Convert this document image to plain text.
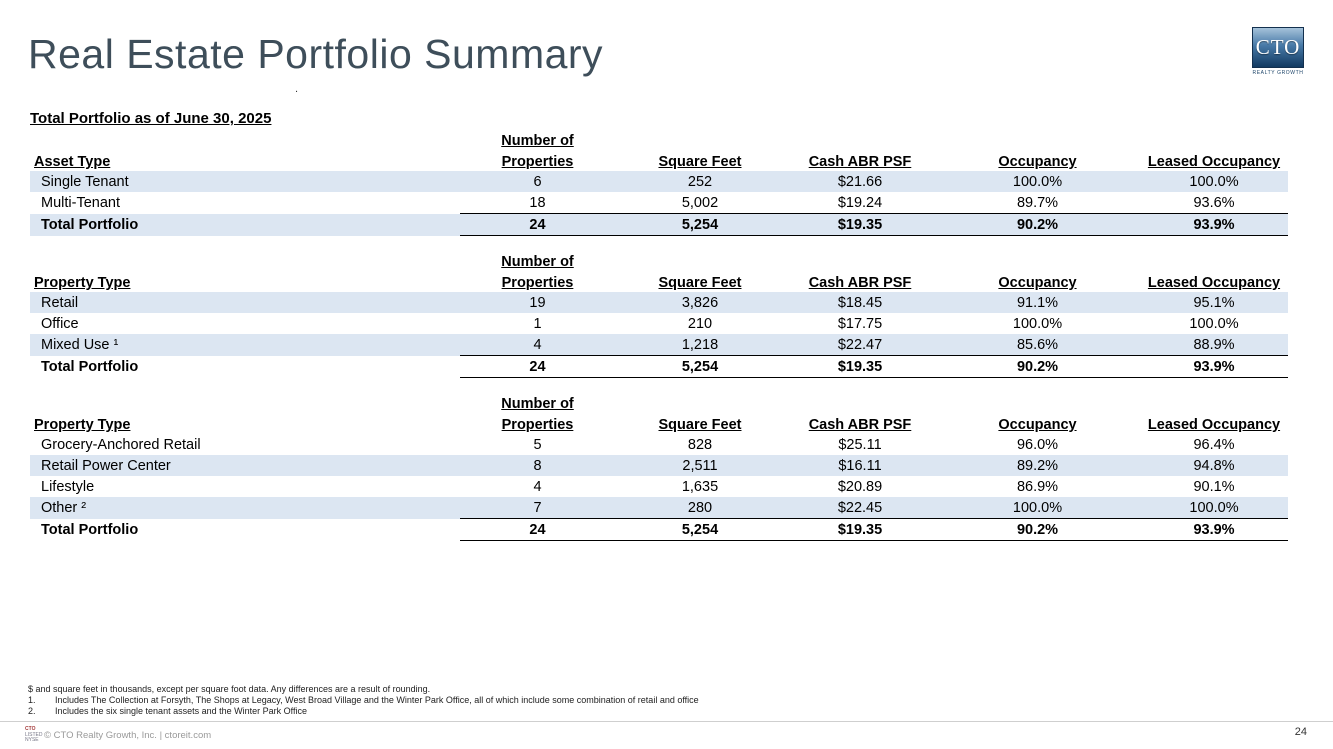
Real Estate Portfolio Summary	CTO
REALTY GROWTH
.
Total Portfolio as of June 30, 2025
	Number of				
Asset Type	Properties	Square Feet	Cash ABR PSF	Occupancy	Leased Occupancy
Single Tenant	6	252	$21.66	100.0%	100.0%
Multi-Tenant	18	5,002	$19.24	89.7%	93.6%
Total Portfolio	24	5,254	$19.35	90.2%	93.9%
	Number of				
Property Type	Properties	Square Feet	Cash ABR PSF	Occupancy	Leased Occupancy
Retail	19	3,826	$18.45	91.1%	95.1%
Office	1	210	$17.75	100.0%	100.0%
Mixed Use ¹	4	1,218	$22.47	85.6%	88.9%
Total Portfolio	24	5,254	$19.35	90.2%	93.9%
	Number of				
Property Type	Properties	Square Feet	Cash ABR PSF	Occupancy	Leased Occupancy
Grocery-Anchored Retail	5	828	$25.11	96.0%	96.4%
Retail Power Center	8	2,511	$16.11	89.2%	94.8%
Lifestyle	4	1,635	$20.89	86.9%	90.1%
Other ²	7	280	$22.45	100.0%	100.0%
Total Portfolio	24	5,254	$19.35	90.2%	93.9%
$ and square feet in thousands, except per square foot data. Any differences are a result of rounding.
1. Includes The Collection at Forsyth, The Shops at Legacy, West Broad Village and the Winter Park Office, all of which include some combination of retail and office
2. Includes the six single tenant assets and the Winter Park Office
CTO
LISTED
NYSE © CTO Realty Growth, Inc. | ctoreit.com	24
